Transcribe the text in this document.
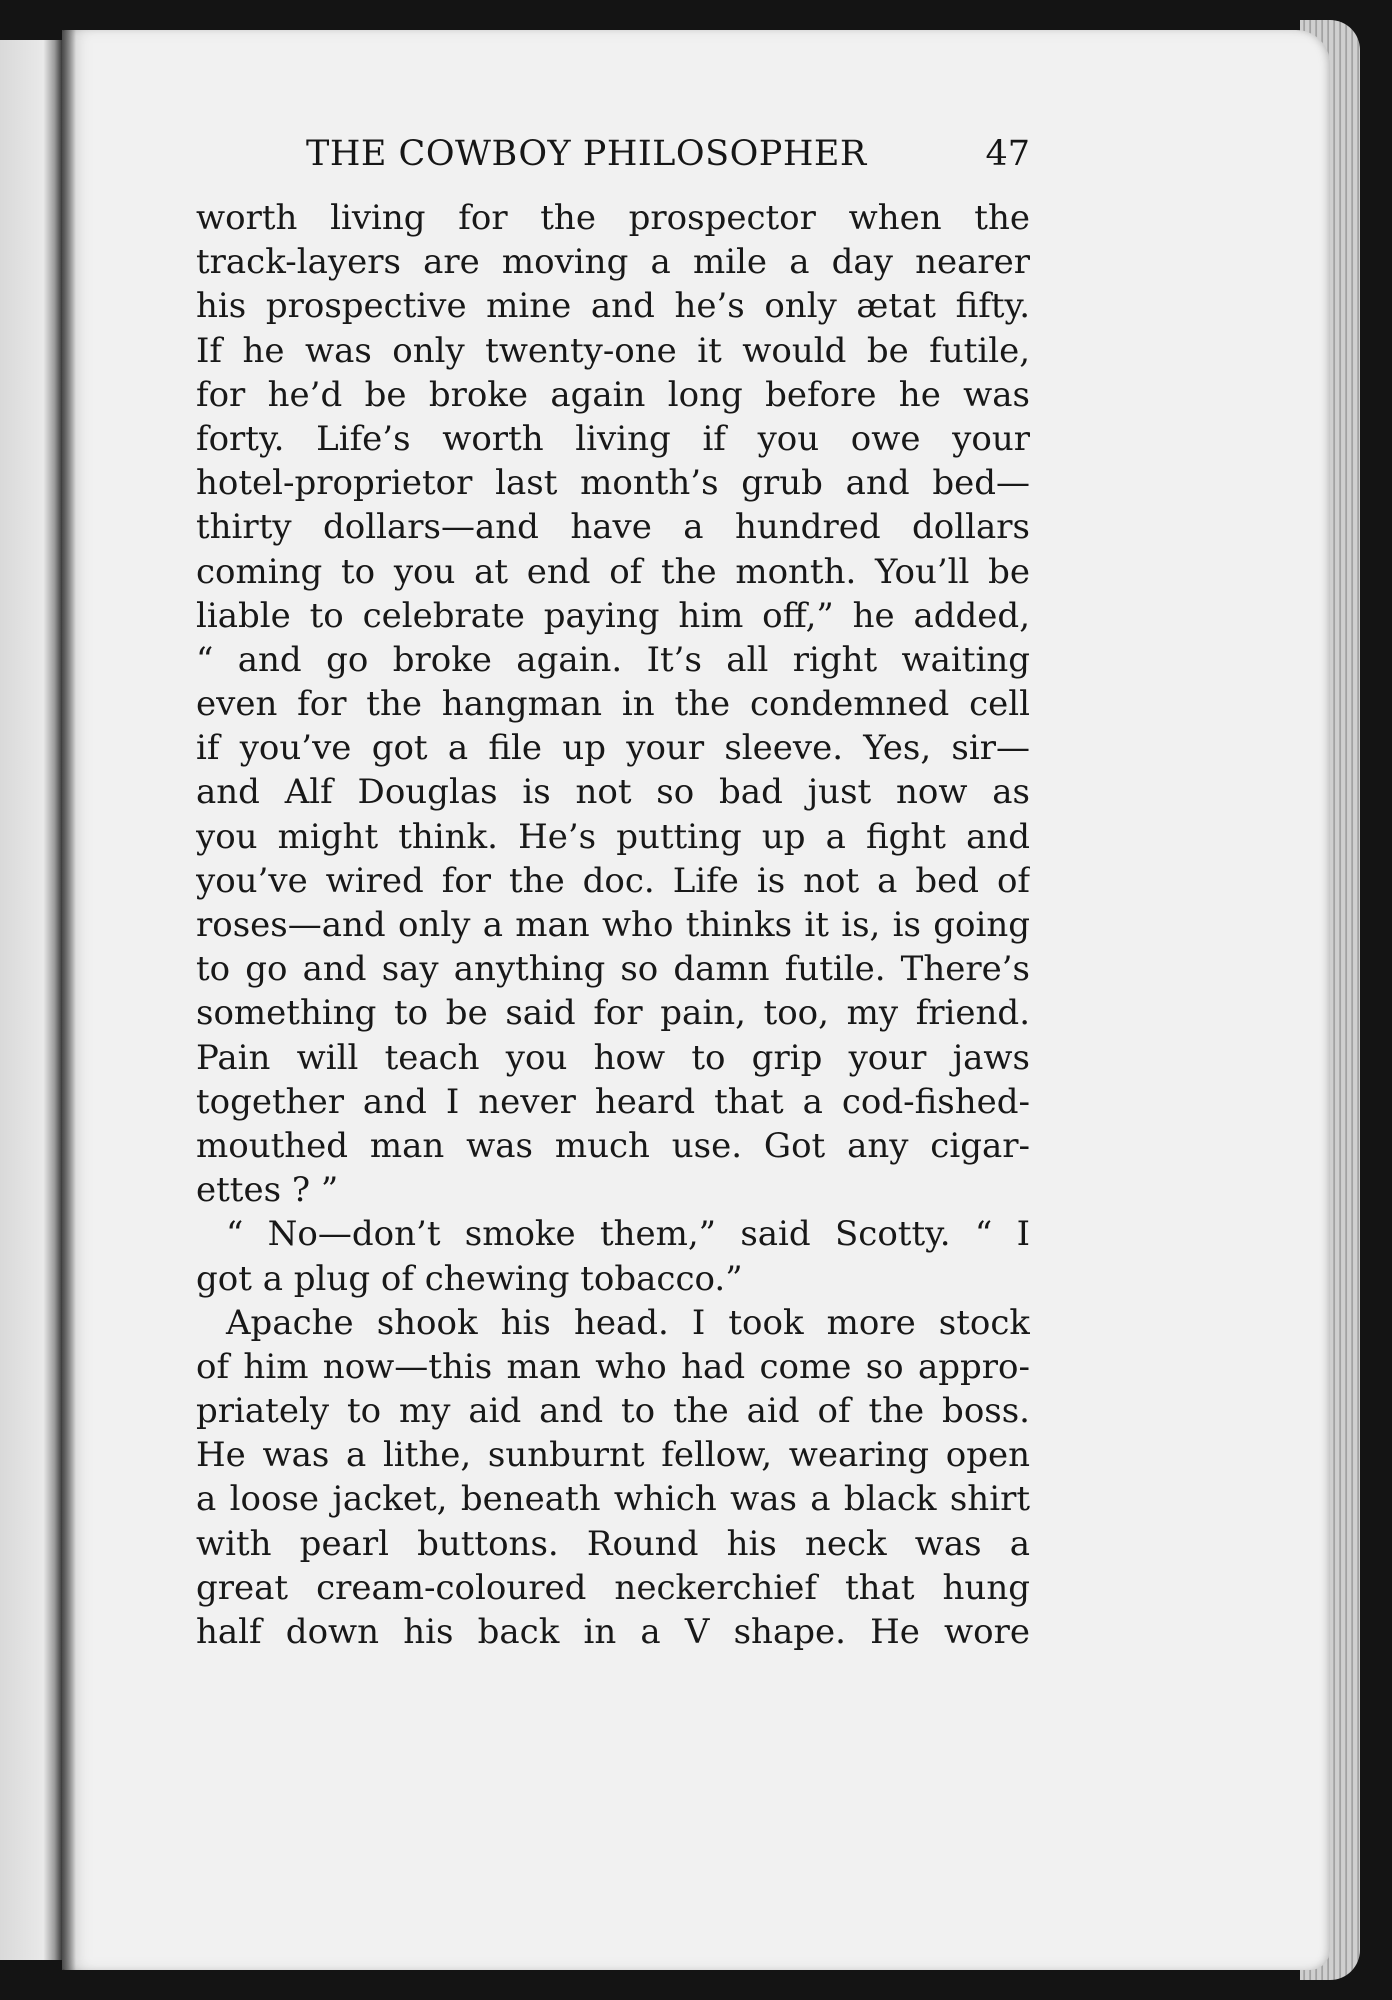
THE COWBOY PHILOSOPHER	47
worth living for the prospector when the
track-layers are moving a mile a day nearer
his prospective mine and he’s only ætat fifty.
If he was only twenty-one it would be futile,
for he’d be broke again long before he was
forty. Life’s worth living if you owe your
hotel-proprietor last month’s grub and bed—
thirty dollars—and have a hundred dollars
coming to you at end of the month. You’ll be
liable to celebrate paying him off,” he added,
“ and go broke again. It’s all right waiting
even for the hangman in the condemned cell
if you’ve got a file up your sleeve. Yes, sir—
and Alf Douglas is not so bad just now as
you might think. He’s putting up a fight and
you’ve wired for the doc. Life is not a bed of
roses—and only a man who thinks it is, is going
to go and say anything so damn futile. There’s
something to be said for pain, too, my friend.
Pain will teach you how to grip your jaws
together and I never heard that a cod-fished-
mouthed man was much use. Got any cigar-
ettes ? ”
“ No—don’t smoke them,” said Scotty. “ I
got a plug of chewing tobacco.”
Apache shook his head. I took more stock
of him now—this man who had come so appro-
priately to my aid and to the aid of the boss.
He was a lithe, sunburnt fellow, wearing open
a loose jacket, beneath which was a black shirt
with pearl buttons. Round his neck was a
great cream-coloured neckerchief that hung
half down his back in a V shape. He wore
